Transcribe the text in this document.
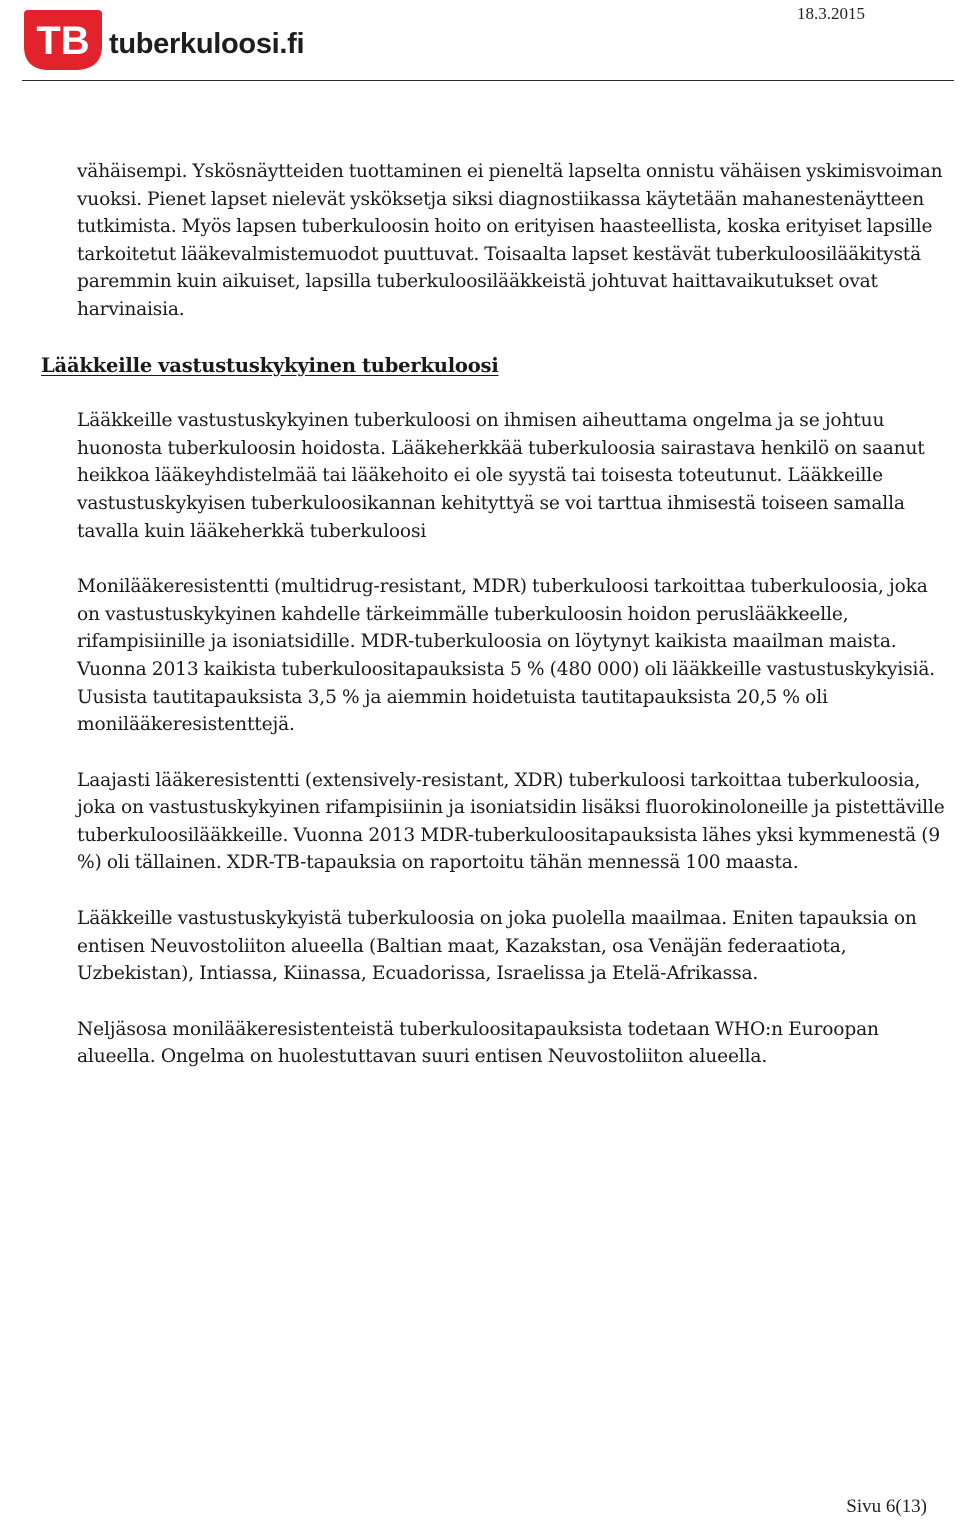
TB tuberkuloosi.fi
18.3.2015

vähäisempi. Yskösnäytteiden tuottaminen ei pieneltä lapselta onnistu vähäisen yskimisvoiman vuoksi. Pienet lapset nielevät ysköksetja siksi diagnostiikassa käytetään mahanestenäytteen tutkimista. Myös lapsen tuberkuloosin hoito on erityisen haasteellista, koska erityiset lapsille tarkoitetut lääkevalmistemuodot puuttuvat. Toisaalta lapset kestävät tuberkuloosilääkitystä paremmin kuin aikuiset, lapsilla tuberkuloosilääkkeistä johtuvat haittavaikutukset ovat harvinaisia.

Lääkkeille vastustuskykyinen tuberkuloosi

Lääkkeille vastustuskykyinen tuberkuloosi on ihmisen aiheuttama ongelma ja se johtuu huonosta tuberkuloosin hoidosta. Lääkeherkkää tuberkuloosia sairastava henkilö on saanut heikkoa lääkeyhdistelmää tai lääkehoito ei ole syystä tai toisesta toteutunut. Lääkkeille vastustuskykyisen tuberkuloosikannan kehityttyä se voi tarttua ihmisestä toiseen samalla tavalla kuin lääkeherkkä tuberkuloosi

Monilääkeresistentti (multidrug-resistant, MDR) tuberkuloosi tarkoittaa tuberkuloosia, joka on vastustuskykyinen kahdelle tärkeimmälle tuberkuloosin hoidon peruslääkkeelle, rifampisiinille ja isoniatsidille. MDR-tuberkuloosia on löytynyt kaikista maailman maista. Vuonna 2013 kaikista tuberkuloositapauksista 5 % (480 000) oli lääkkeille vastustuskykyisiä. Uusista tautitapauksista 3,5 % ja aiemmin hoidetuista tautitapauksista 20,5 % oli monilääkeresistenttejä.

Laajasti lääkeresistentti (extensively-resistant, XDR) tuberkuloosi tarkoittaa tuberkuloosia, joka on vastustuskykyinen rifampisiinin ja isoniatsidin lisäksi fluorokinoloneille ja pistettäville tuberkuloosilääkkeille. Vuonna 2013 MDR-tuberkuloositapauksista lähes yksi kymmenestä (9 %) oli tällainen. XDR-TB-tapauksia on raportoitu tähän mennessä 100 maasta.

Lääkkeille vastustuskykyistä tuberkuloosia on joka puolella maailmaa. Eniten tapauksia on entisen Neuvostoliiton alueella (Baltian maat, Kazakstan, osa Venäjän federaatiota, Uzbekistan), Intiassa, Kiinassa, Ecuadorissa, Israelissa ja Etelä-Afrikassa.

Neljäsosa monilääkeresistenteistä tuberkuloositapauksista todetaan WHO:n Euroopan alueella. Ongelma on huolestuttavan suuri entisen Neuvostoliiton alueella.

Sivu 6(13)
